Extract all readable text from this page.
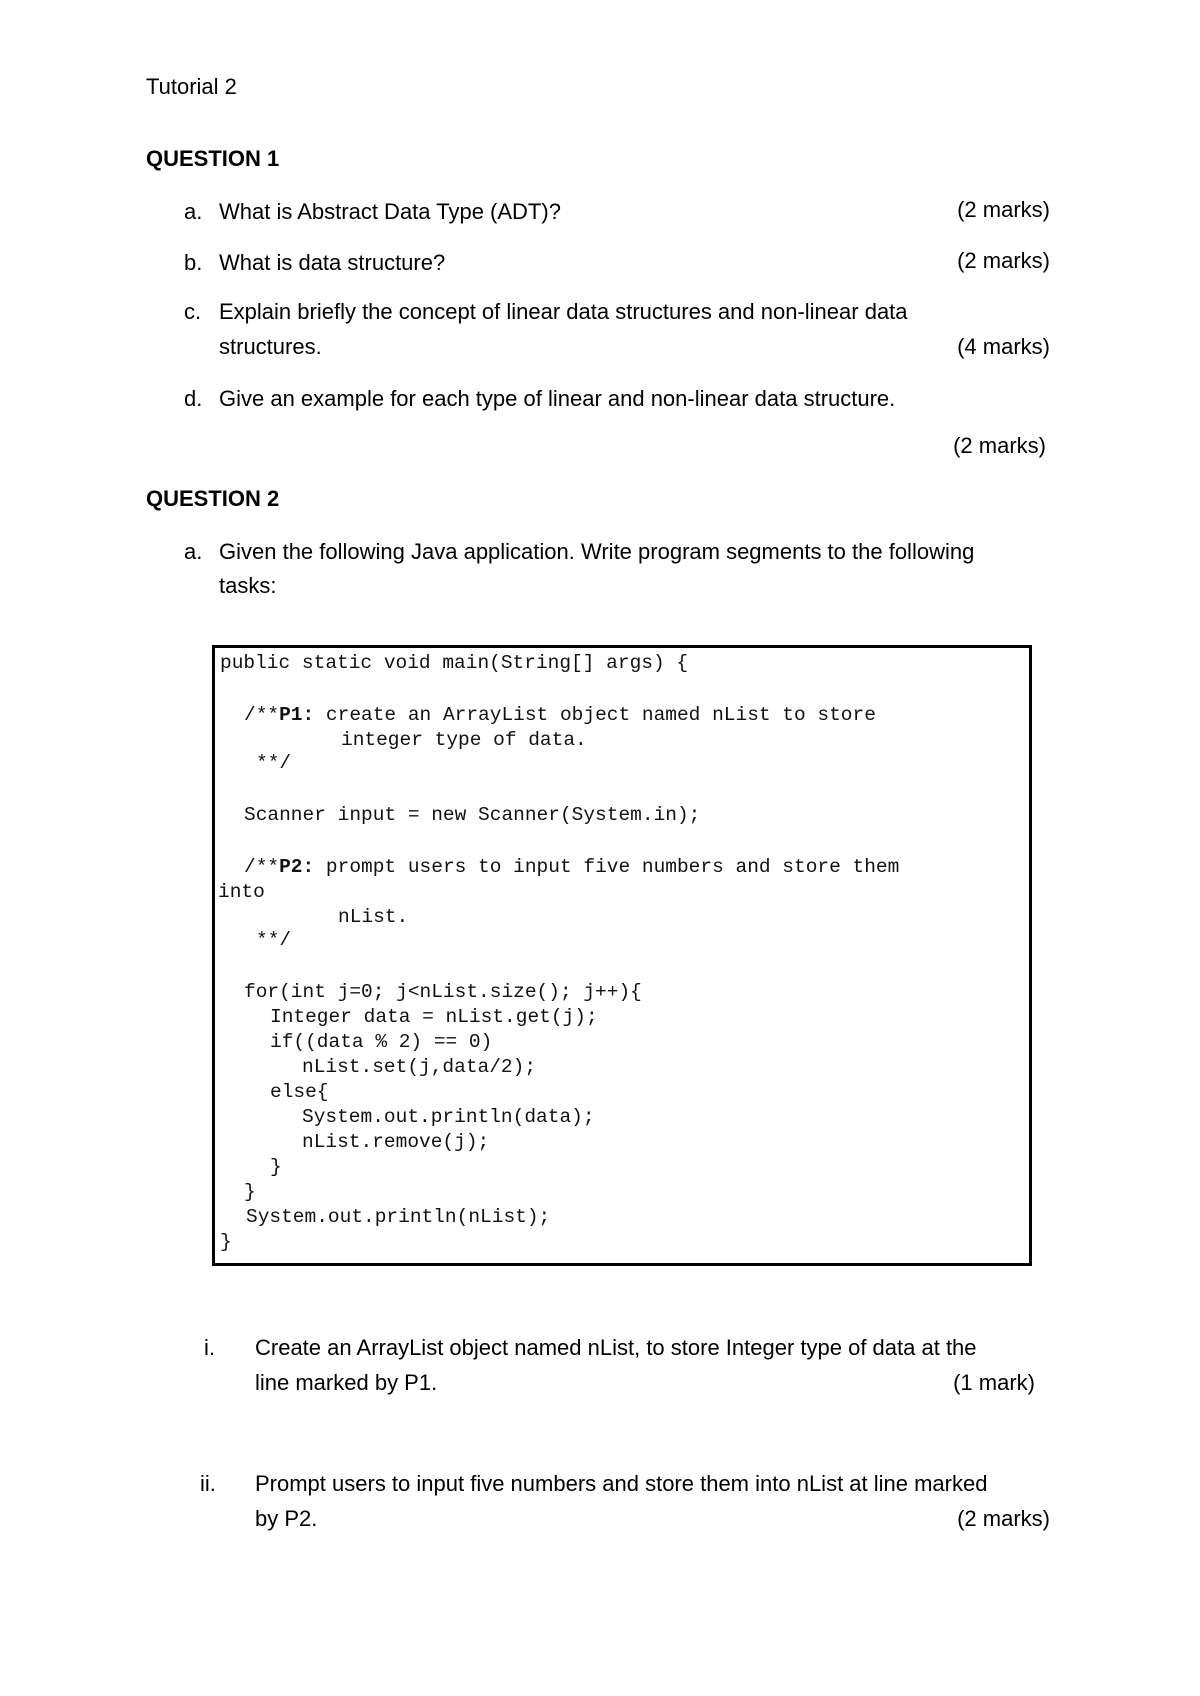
Tutorial 2
QUESTION 1
a. What is Abstract Data Type (ADT)?	(2 marks)
b. What is data structure?	(2 marks)
c. Explain briefly the concept of linear data structures and non-linear data
structures.	(4 marks)
d. Give an example for each type of linear and non-linear data structure.
(2 marks)
QUESTION 2
a. Given the following Java application. Write program segments to the following
tasks:
public static void main(String[] args) {
/**P1: create an ArrayList object named nList to store
integer type of data.
**/
Scanner input = new Scanner(System.in);
/**P2: prompt users to input five numbers and store them
into
nList.
**/
for(int j=0; j<nList.size(); j++){
Integer data = nList.get(j);
if((data % 2) == 0)
nList.set(j,data/2);
else{
System.out.println(data);
nList.remove(j);
}
}
System.out.println(nList);
}
i. Create an ArrayList object named nList, to store Integer type of data at the
line marked by P1.	(1 mark)
ii. Prompt users to input five numbers and store them into nList at line marked
by P2.	(2 marks)
